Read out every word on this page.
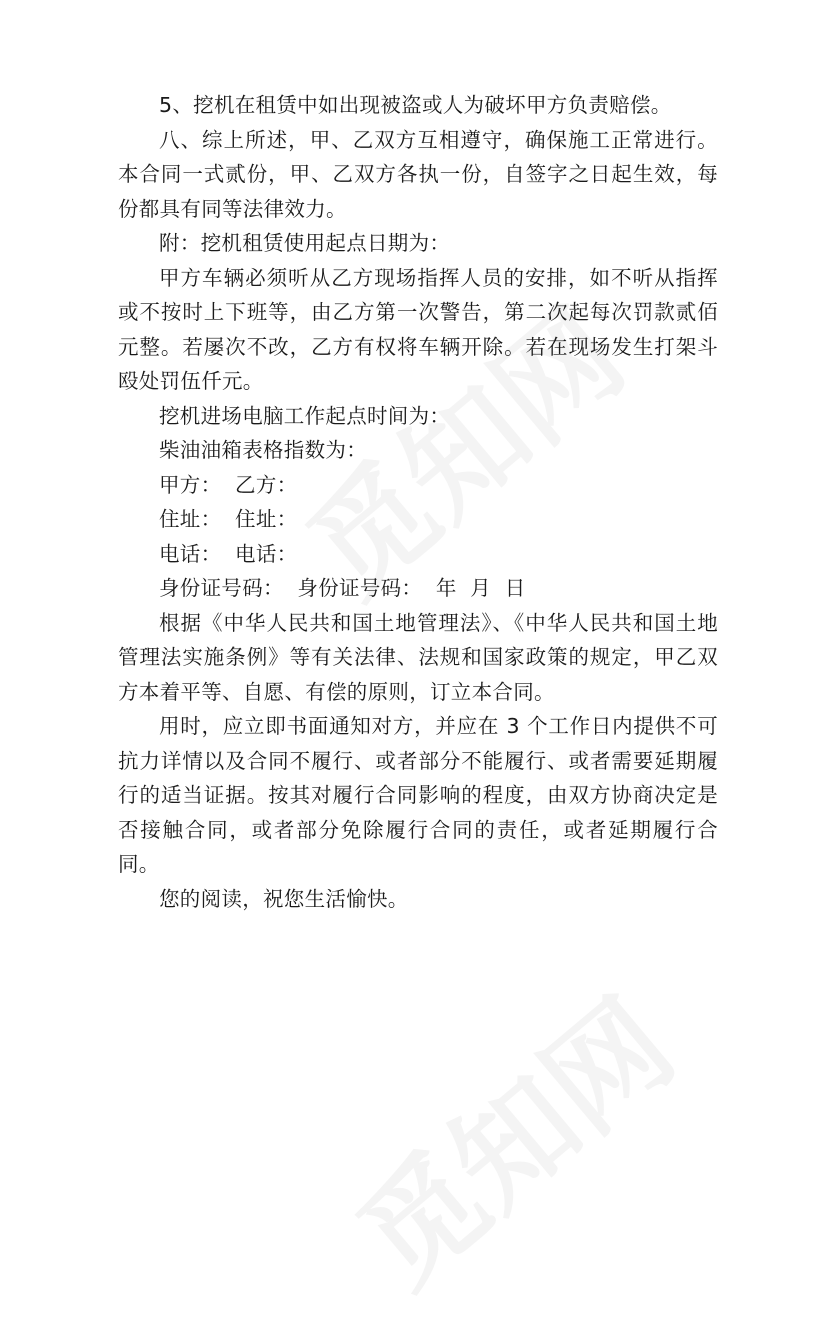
5、挖机在租赁中如出现被盗或人为破坏甲方负责赔偿。

八、综上所述，甲、乙双方互相遵守，确保施工正常进行。本合同一式贰份，甲、乙双方各执一份，自签字之日起生效，每份都具有同等法律效力。

附：挖机租赁使用起点日期为：

甲方车辆必须听从乙方现场指挥人员的安排，如不听从指挥或不按时上下班等，由乙方第一次警告，第二次起每次罚款贰佰元整。若屡次不改，乙方有权将车辆开除。若在现场发生打架斗殴处罚伍仟元。

挖机进场电脑工作起点时间为：

柴油油箱表格指数为：

甲方：  乙方：

住址：  住址：

电话：  电话：

身份证号码：  身份证号码：  年  月  日

根据《中华人民共和国土地管理法》、《中华人民共和国土地管理法实施条例》等有关法律、法规和国家政策的规定，甲乙双方本着平等、自愿、有偿的原则，订立本合同。

用时，应立即书面通知对方，并应在 3 个工作日内提供不可抗力详情以及合同不履行、或者部分不能履行、或者需要延期履行的适当证据。按其对履行合同影响的程度，由双方协商决定是否接触合同，或者部分免除履行合同的责任，或者延期履行合同。

您的阅读，祝您生活愉快。
